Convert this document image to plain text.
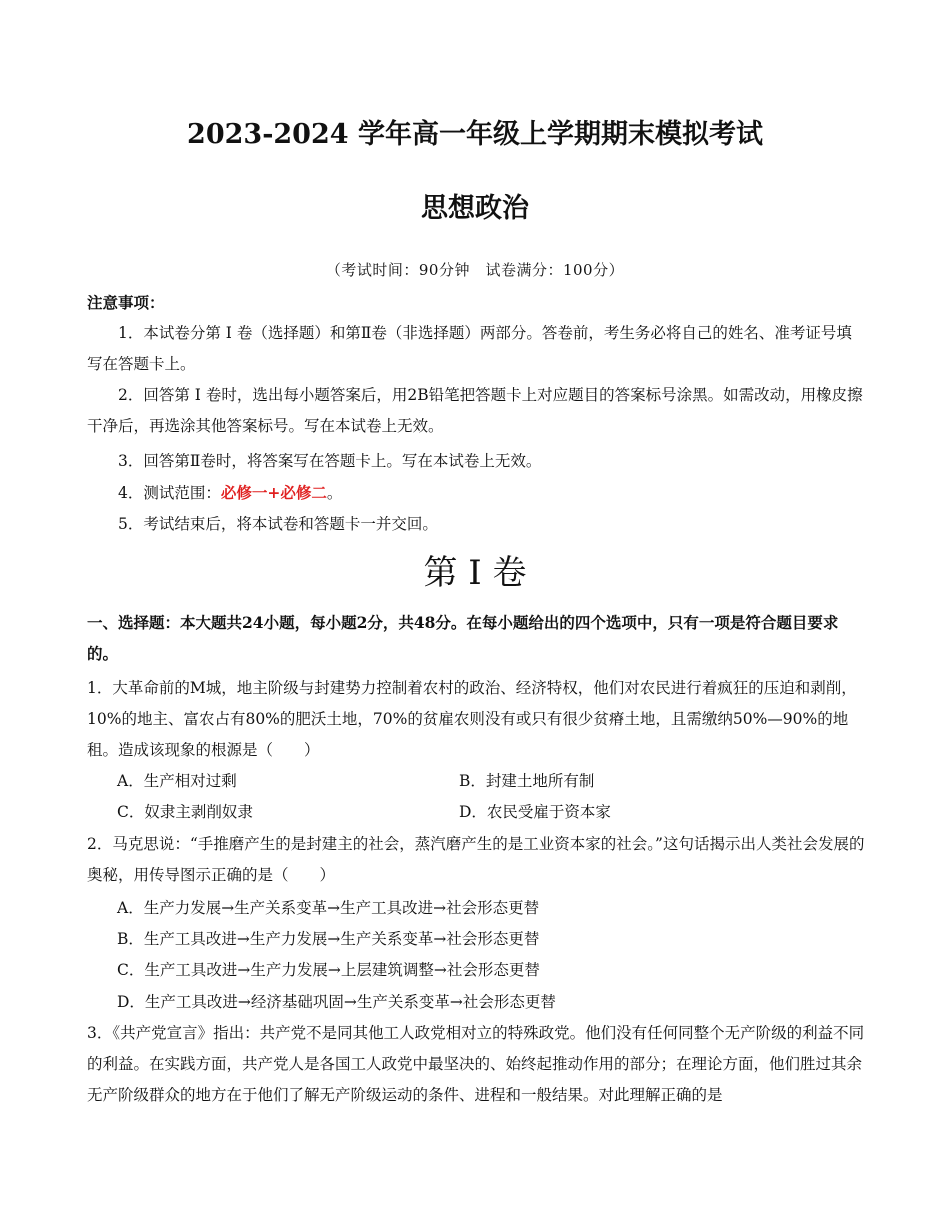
2023-2024 学年高一年级上学期期末模拟考试
思想政治
（考试时间：90分钟　试卷满分：100分）
注意事项：
1．本试卷分第 I 卷（选择题）和第Ⅱ卷（非选择题）两部分。答卷前，考生务必将自己的姓名、准考证号填写在答题卡上。
2．回答第 I 卷时，选出每小题答案后，用2B铅笔把答题卡上对应题目的答案标号涂黑。如需改动，用橡皮擦干净后，再选涂其他答案标号。写在本试卷上无效。
3．回答第Ⅱ卷时，将答案写在答题卡上。写在本试卷上无效。
4．测试范围：必修一+必修二。
5．考试结束后，将本试卷和答题卡一并交回。
第 I 卷
一、选择题：本大题共24小题，每小题2分，共48分。在每小题给出的四个选项中，只有一项是符合题目要求的。
1．大革命前的M城，地主阶级与封建势力控制着农村的政治、经济特权，他们对农民进行着疯狂的压迫和剥削，10%的地主、富农占有80%的肥沃土地，70%的贫雇农则没有或只有很少贫瘠土地，且需缴纳50%—90%的地租。造成该现象的根源是（　　）
A．生产相对过剩	B．封建土地所有制
C．奴隶主剥削奴隶	D．农民受雇于资本家
2．马克思说：“手推磨产生的是封建主的社会，蒸汽磨产生的是工业资本家的社会。”这句话揭示出人类社会发展的奥秘，用传导图示正确的是（　　）
A．生产力发展→生产关系变革→生产工具改进→社会形态更替
B．生产工具改进→生产力发展→生产关系变革→社会形态更替
C．生产工具改进→生产力发展→上层建筑调整→社会形态更替
D．生产工具改进→经济基础巩固→生产关系变革→社会形态更替
3．《共产党宣言》指出：共产党不是同其他工人政党相对立的特殊政党。他们没有任何同整个无产阶级的利益不同的利益。在实践方面，共产党人是各国工人政党中最坚决的、始终起推动作用的部分；在理论方面，他们胜过其余无产阶级群众的地方在于他们了解无产阶级运动的条件、进程和一般结果。对此理解正确的是
